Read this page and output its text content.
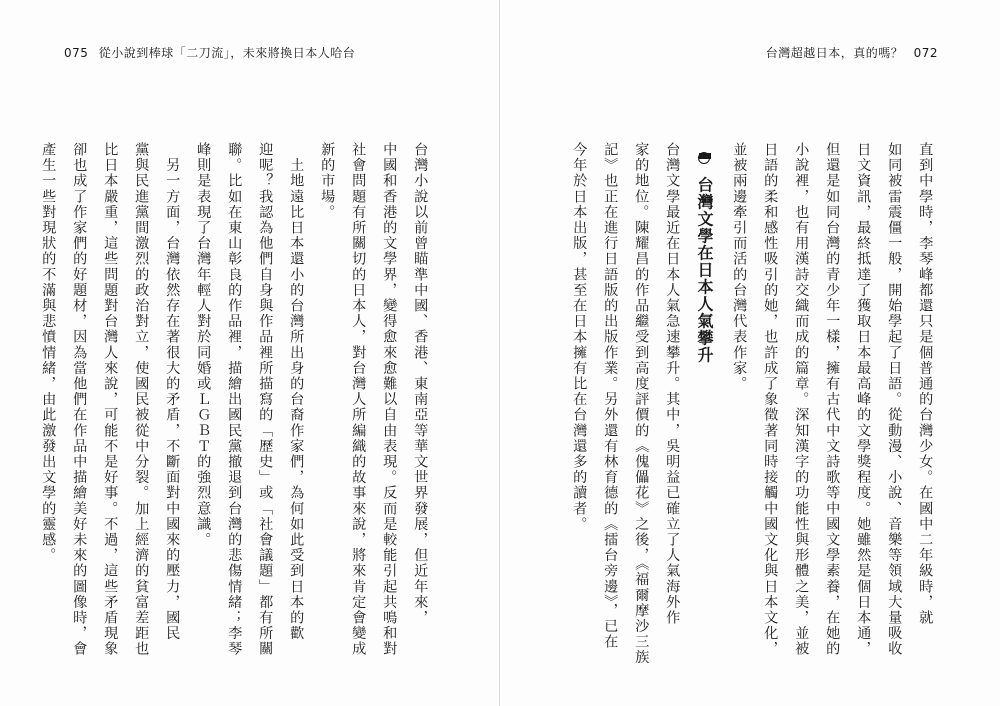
075 從小說到棒球「二刀流」，未來將換日本人哈台
台灣小說以前曾瞄準中國、香港、東南亞等華文世界發展，但近年來，
中國和香港的文學界，變得愈來愈難以自由表現。反而是較能引起共鳴和對
社會問題有所關切的日本人，對台灣人所編織的故事來說，將來肯定會變成
新的市場。
　土地遠比日本還小的台灣所出身的台裔作家們，為何如此受到日本的歡
迎呢？我認為他們自身與作品裡所描寫的「歷史」或「社會議題」都有所關
聯。比如在東山彰良的作品裡，描繪出國民黨撤退到台灣的悲傷情緒；李琴
峰則是表現了台灣年輕人對於同婚或ＬＧＢＴ的強烈意識。
　另一方面，台灣依然存在著很大的矛盾，不斷面對中國來的壓力，國民
黨與民進黨間激烈的政治對立，使國民被從中分裂。加上經濟的貧富差距也
比日本嚴重，這些問題對台灣人來說，可能不是好事。不過，這些矛盾現象
卻也成了作家們的好題材，因為當他們在作品中描繪美好未來的圖像時，會
產生一些對現狀的不滿與悲憤情緒，由此激發出文學的靈感。
台灣超越日本，真的嗎？ 072
直到中學時，李琴峰都還只是個普通的台灣少女。在國中二年級時，就
如同被雷震僵一般，開始學起了日語。從動漫、小說、音樂等領域大量吸收
日文資訊，最終抵達了獲取日本最高峰的文學獎程度。她雖然是個日本通，
但還是如同台灣的青少年一樣，擁有古代中文詩歌等中國文學素養，在她的
小說裡，也有用漢詩交織而成的篇章。深知漢字的功能性與形體之美，並被
日語的柔和感性吸引的她，也許成了象徵著同時接觸中國文化與日本文化，
並被兩邊牽引而活的台灣代表作家。
台灣文學在日本人氣攀升
台灣文學最近在日本人氣急速攀升。其中，吳明益已確立了人氣海外作
家的地位。陳耀昌的作品繼受到高度評價的《傀儡花》之後，《福爾摩沙三族
記》也正在進行日語版的出版作業。另外還有林育德的《擂台旁邊》，已在
今年於日本出版，甚至在日本擁有比在台灣還多的讀者。
